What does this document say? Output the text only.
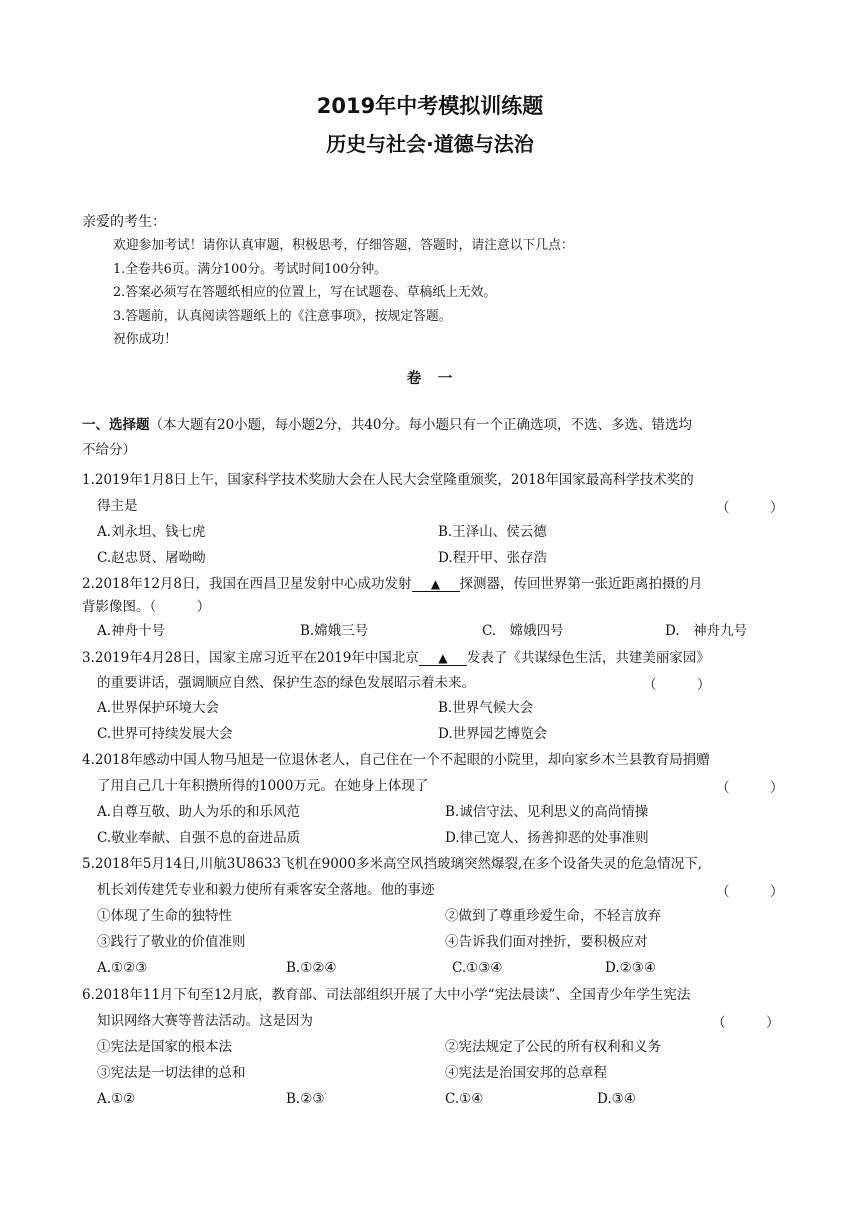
2019年中考模拟训练题
历史与社会·道德与法治
亲爱的考生：
欢迎参加考试！请你认真审题，积极思考，仔细答题，答题时，请注意以下几点：
1.全卷共6页。满分100分。考试时间100分钟。
2.答案必须写在答题纸相应的位置上，写在试题卷、草稿纸上无效。
3.答题前，认真阅读答题纸上的《注意事项》，按规定答题。
祝你成功！
卷　一
一、选择题（本大题有20小题，每小题2分，共40分。每小题只有一个正确选项，不选、多选、错选均
不给分）
1.2019年1月8日上午，国家科学技术奖励大会在人民大会堂隆重颁奖，2018年国家最高科学技术奖的
得主是	（　　　）
A.刘永坦、钱七虎	B.王泽山、侯云德
C.赵忠贤、屠呦呦	D.程开甲、张存浩
2.2018年12月8日，我国在西昌卫星发射中心成功发射 ▲ 探测器，传回世界第一张近距离拍摄的月
背影像图。（　　　）
A.神舟十号	B.嫦娥三号	C.　嫦娥四号	D.　神舟九号
3.2019年4月28日，国家主席习近平在2019年中国北京 ▲ 发表了《共谋绿色生活，共建美丽家园》
的重要讲话，强调顺应自然、保护生态的绿色发展昭示着未来。	（　　　）
A.世界保护环境大会	B.世界气候大会
C.世界可持续发展大会	D.世界园艺博览会
4.2018年感动中国人物马旭是一位退休老人，自己住在一个不起眼的小院里，却向家乡木兰县教育局捐赠
了用自己几十年积攒所得的1000万元。在她身上体现了	（　　　）
A.自尊互敬、助人为乐的和乐风范	B.诚信守法、见利思义的高尚情操
C.敬业奉献、自强不息的奋进品质	D.律己宽人、扬善抑恶的处事准则
5.2018年5月14日,川航3U8633飞机在9000多米高空风挡玻璃突然爆裂,在多个设备失灵的危急情况下,
机长刘传建凭专业和毅力使所有乘客安全落地。他的事迹	（　　　）
①体现了生命的独特性	②做到了尊重珍爱生命，不轻言放弃
③践行了敬业的价值准则	④告诉我们面对挫折，要积极应对
A.①②③	B.①②④	C.①③④	D.②③④
6.2018年11月下旬至12月底，教育部、司法部组织开展了大中小学“宪法晨读”、全国青少年学生宪法
知识网络大赛等普法活动。这是因为	（　　　）
①宪法是国家的根本法	②宪法规定了公民的所有权利和义务
③宪法是一切法律的总和	④宪法是治国安邦的总章程
A.①②	B.②③	C.①④	D.③④
